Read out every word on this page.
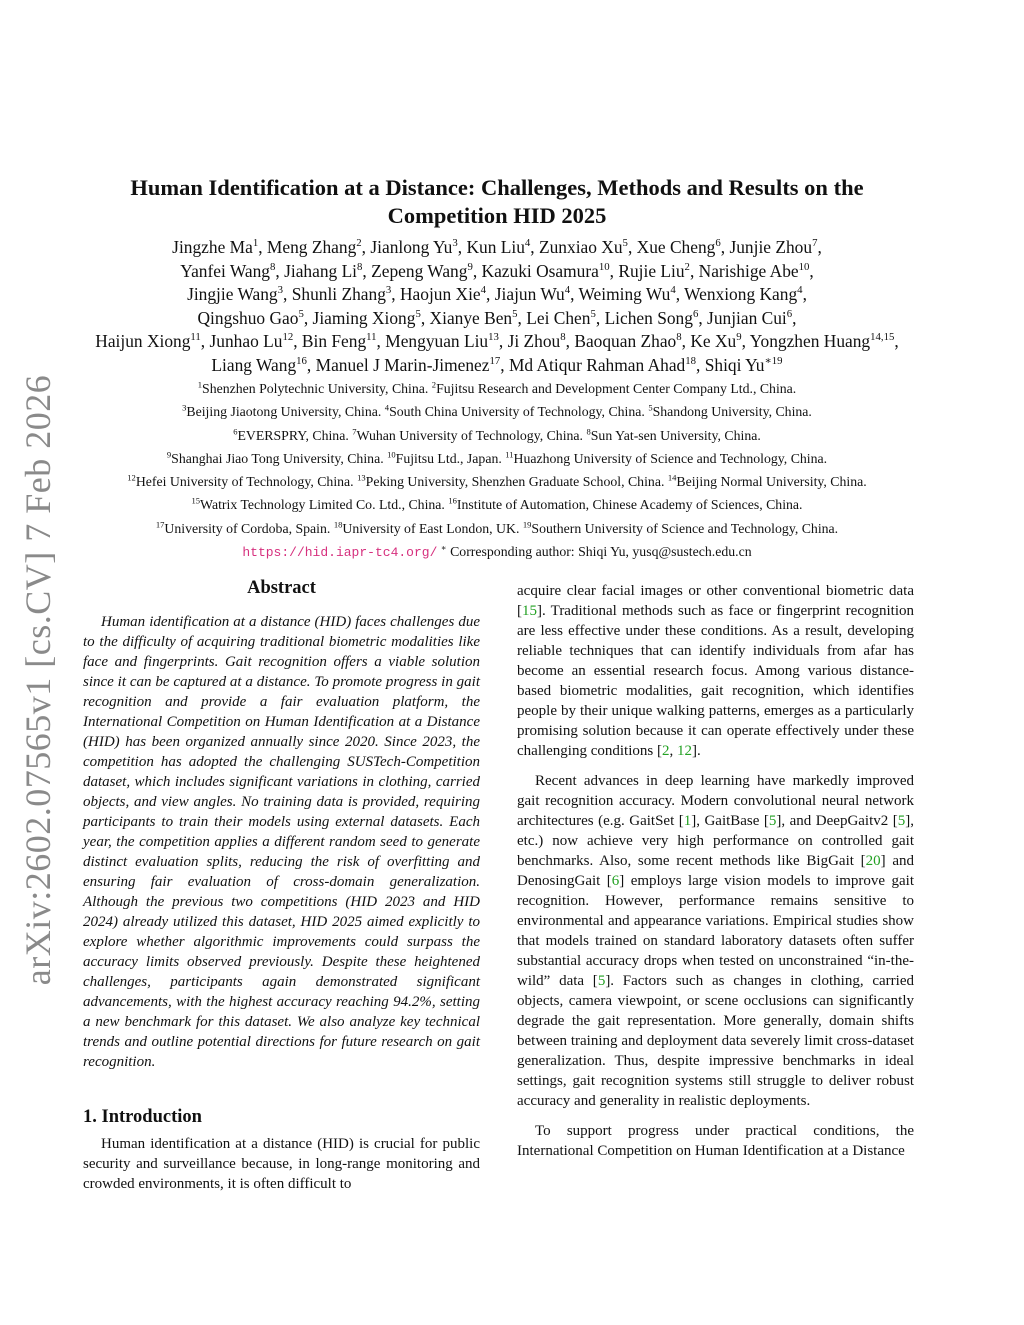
arXiv:2602.07565v1 [cs.CV] 7 Feb 2026
Human Identification at a Distance: Challenges, Methods and Results on the Competition HID 2025
Jingzhe Ma$^1$, Meng Zhang$^2$, Jianlong Yu$^3$, Kun Liu$^4$, Zunxiao Xu$^5$, Xue Cheng$^6$, Junjie Zhou$^7$,
Yanfei Wang$^8$, Jiahang Li$^8$, Zepeng Wang$^9$, Kazuki Osamura$^{10}$, Rujie Liu$^2$, Narishige Abe$^{10}$,
Jingjie Wang$^3$, Shunli Zhang$^3$, Haojun Xie$^4$, Jiajun Wu$^4$, Weiming Wu$^4$, Wenxiong Kang$^4$,
Qingshuo Gao$^5$, Jiaming Xiong$^5$, Xianye Ben$^5$, Lei Chen$^5$, Lichen Song$^6$, Junjian Cui$^6$,
Haijun Xiong$^{11}$, Junhao Lu$^{12}$, Bin Feng$^{11}$, Mengyuan Liu$^{13}$, Ji Zhou$^8$, Baoquan Zhao$^8$, Ke Xu$^9$, Yongzhen Huang$^{14,15}$,
Liang Wang$^{16}$, Manuel J Marin-Jimenez$^{17}$, Md Atiqur Rahman Ahad$^{18}$, Shiqi $Yu^{∗19}$
$^1$Shenzhen Polytechnic University, China. $^2$Fujitsu Research and Development Center Company Ltd., China.
$^3$Beijing Jiaotong University, China. $^4$South China University of Technology, China. $^5$Shandong University, China.
$^6$EVERSPRY, China. $^7$Wuhan University of Technology, China. $^8$Sun Yat-sen University, China.
$^9$Shanghai Jiao Tong University, China. $^{10}$Fujitsu Ltd., Japan. $^{11}$Huazhong University of Science and Technology, China.
$^{12}$Hefei University of Technology, China. $^{13}$Peking University, Shenzhen Graduate School, China. $^{14}$Beijing Normal University, China.
$^{15}$Watrix Technology Limited Co. Ltd., China. $^{16}$Institute of Automation, Chinese Academy of Sciences, China.
$^{17}$University of Cordoba, Spain. $^{18}$University of East London, UK. $^{19}$Southern University of Science and Technology, China.
https://hid.iapr-tc4.org/ ∗ Corresponding author: Shiqi Yu, yusq@sustech.edu.cn
Abstract
Human identification at a distance (HID) faces challenges due to the difficulty of acquiring traditional biometric modalities like face and fingerprints. Gait recognition offers a viable solution since it can be captured at a distance. To promote progress in gait recognition and provide a fair evaluation platform, the International Competition on Human Identification at a Distance (HID) has been organized annually since 2020. Since 2023, the competition has adopted the challenging SUSTech-Competition dataset, which includes significant variations in clothing, carried objects, and view angles. No training data is provided, requiring participants to train their models using external datasets. Each year, the competition applies a different random seed to generate distinct evaluation splits, reducing the risk of overfitting and ensuring fair evaluation of cross-domain generalization. Although the previous two competitions (HID 2023 and HID 2024) already utilized this dataset, HID 2025 aimed explicitly to explore whether algorithmic improvements could surpass the accuracy limits observed previously. Despite these heightened challenges, participants again demonstrated significant advancements, with the highest accuracy reaching 94.2%, setting a new benchmark for this dataset. We also analyze key technical trends and outline potential directions for future research on gait recognition.
1. Introduction
Human identification at a distance (HID) is crucial for public security and surveillance because, in long-range monitoring and crowded environments, it is often difficult to

acquire clear facial images or other conventional biometric data [15]. Traditional methods such as face or fingerprint recognition are less effective under these conditions. As a result, developing reliable techniques that can identify individuals from afar has become an essential research focus. Among various distance-based biometric modalities, gait recognition, which identifies people by their unique walking patterns, emerges as a particularly promising solution because it can operate effectively under these challenging conditions [2, 12].

Recent advances in deep learning have markedly improved gait recognition accuracy. Modern convolutional neural network architectures (e.g. GaitSet [1], GaitBase [5], and DeepGaitv2 [5], etc.) now achieve very high performance on controlled gait benchmarks. Also, some recent methods like BigGait [20] and DenosingGait [6] employs large vision models to improve gait recognition. However, performance remains sensitive to environmental and appearance variations. Empirical studies show that models trained on standard laboratory datasets often suffer substantial accuracy drops when tested on unconstrained “in-the-wild” data [5]. Factors such as changes in clothing, carried objects, camera viewpoint, or scene occlusions can significantly degrade the gait representation. More generally, domain shifts between training and deployment data severely limit cross-dataset generalization. Thus, despite impressive benchmarks in ideal settings, gait recognition systems still struggle to deliver robust accuracy and generality in realistic deployments.

To support progress under practical conditions, the International Competition on Human Identification at a Distance
